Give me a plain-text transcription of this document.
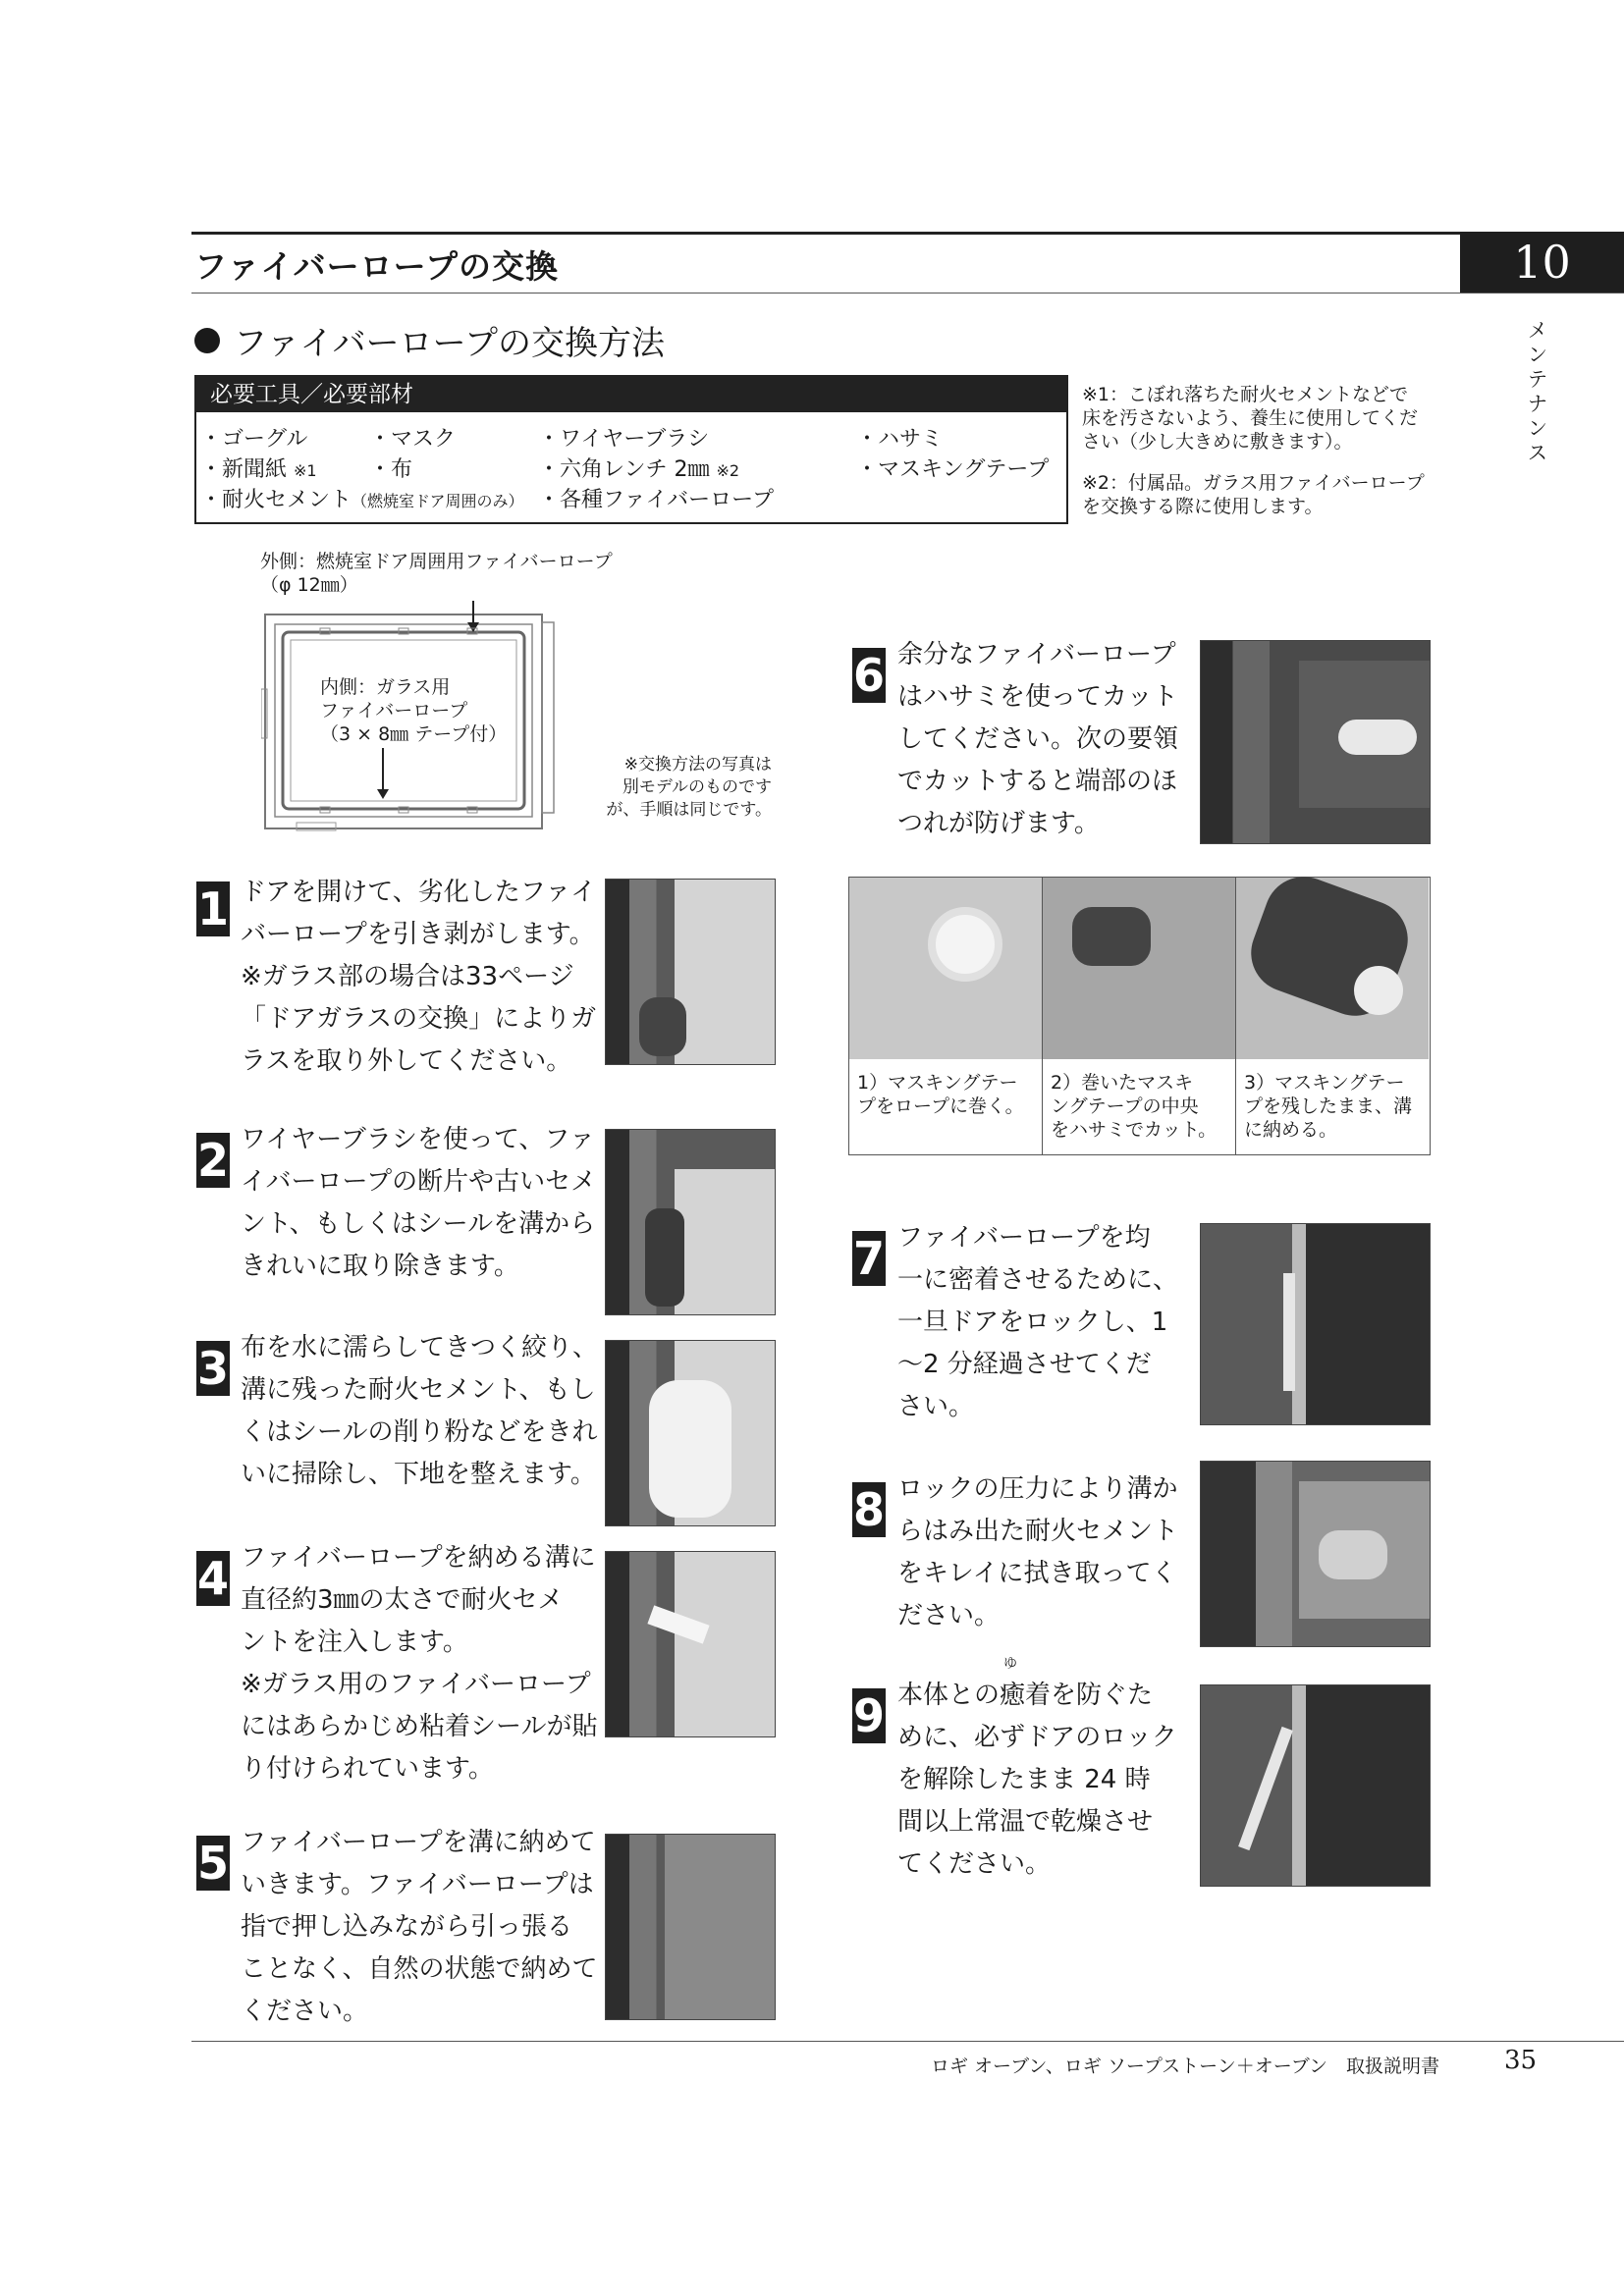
ファイバーロープの交換	10
メンテナンス
ファイバーロープの交換方法
必要工具／必要部材
・ゴーグル
・新聞紙 ※1
・耐火セメント（燃焼室ドア周囲のみ）
・マスク
・布
・ワイヤーブラシ
・六角レンチ 2㎜ ※2
・各種ファイバーロープ
・ハサミ
・マスキングテープ
※1：こぼれ落ちた耐火セメントなどで
床を汚さないよう、養生に使用してくだ
さい（少し大きめに敷きます）。
※2：付属品。ガラス用ファイバーロープ
を交換する際に使用します。
外側：燃焼室ドア周囲用ファイバーロープ
（φ 12㎜）
内側：ガラス用
ファイバーロープ
（3 × 8㎜ テープ付）
※交換方法の写真は
別モデルのものです
が、手順は同じです。
1 ドアを開けて、劣化したファイ
バーロープを引き剥がします。
※ガラス部の場合は33ページ
「ドアガラスの交換」によりガ
ラスを取り外してください。
2 ワイヤーブラシを使って、ファ
イバーロープの断片や古いセメ
ント、もしくはシールを溝から
きれいに取り除きます。
3 布を水に濡らしてきつく絞り、
溝に残った耐火セメント、もし
くはシールの削り粉などをきれ
いに掃除し、下地を整えます。
4 ファイバーロープを納める溝に
直径約3㎜の太さで耐火セメ
ントを注入します。
※ガラス用のファイバーロープ
にはあらかじめ粘着シールが貼
り付けられています。
5 ファイバーロープを溝に納めて
いきます。ファイバーロープは
指で押し込みながら引っ張る
ことなく、自然の状態で納めて
ください。
6 余分なファイバーロープ
はハサミを使ってカット
してください。次の要領
でカットすると端部のほ
つれが防げます。
1）マスキングテー
プをロープに巻く。
2）巻いたマスキ
ングテープの中央
をハサミでカット。
3）マスキングテー
プを残したまま、溝
に納める。
7 ファイバーロープを均
一に密着させるために、
一旦ドアをロックし、1
〜2 分経過させてくだ
さい。
8 ロックの圧力により溝か
らはみ出た耐火セメント
をキレイに拭き取ってく
ださい。
ゆ
9 本体との癒着を防ぐた
めに、必ずドアのロック
を解除したまま 24 時
間以上常温で乾燥させ
てください。
ロギ オーブン、ロギ ソープストーン＋オーブン　取扱説明書	35
